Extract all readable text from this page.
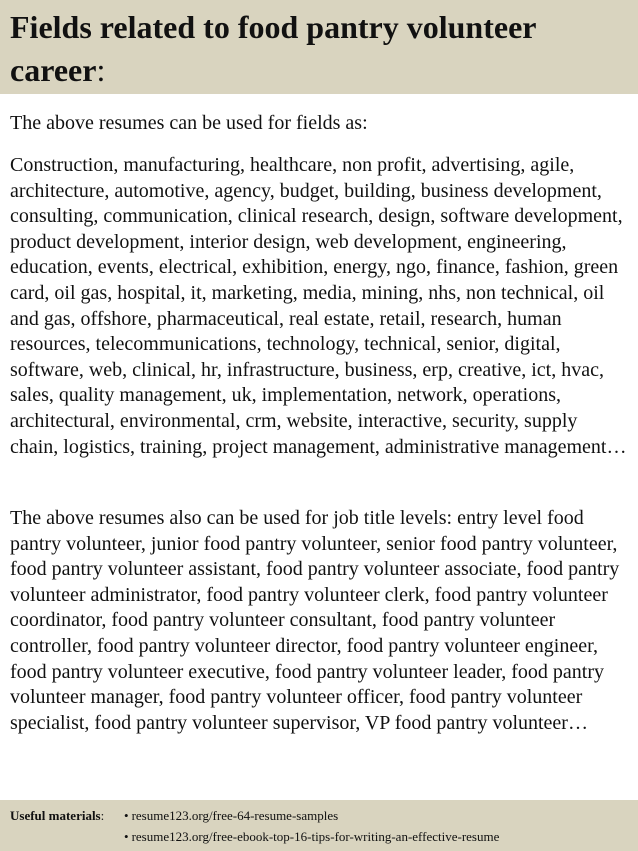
Fields related to food pantry volunteer career:

The above resumes can be used for fields as:

Construction, manufacturing, healthcare, non profit, advertising, agile, architecture, automotive, agency, budget, building, business development, consulting, communication, clinical research, design, software development, product development, interior design, web development, engineering, education, events, electrical, exhibition, energy, ngo, finance, fashion, green card, oil gas, hospital, it, marketing, media, mining, nhs, non technical, oil and gas, offshore, pharmaceutical, real estate, retail, research, human resources, telecommunications, technology, technical, senior, digital, software, web, clinical, hr, infrastructure, business, erp, creative, ict, hvac, sales, quality management, uk, implementation, network, operations, architectural, environmental, crm, website, interactive, security, supply chain, logistics, training, project management, administrative management…

The above resumes also can be used for job title levels: entry level food pantry volunteer, junior food pantry volunteer, senior food pantry volunteer, food pantry volunteer assistant, food pantry volunteer associate, food pantry volunteer administrator, food pantry volunteer clerk, food pantry volunteer coordinator, food pantry volunteer consultant, food pantry volunteer controller, food pantry volunteer director, food pantry volunteer engineer, food pantry volunteer executive, food pantry volunteer leader, food pantry volunteer manager, food pantry volunteer officer, food pantry volunteer specialist, food pantry volunteer supervisor, VP food pantry volunteer…

Useful materials: • resume123.org/free-64-resume-samples
• resume123.org/free-ebook-top-16-tips-for-writing-an-effective-resume
